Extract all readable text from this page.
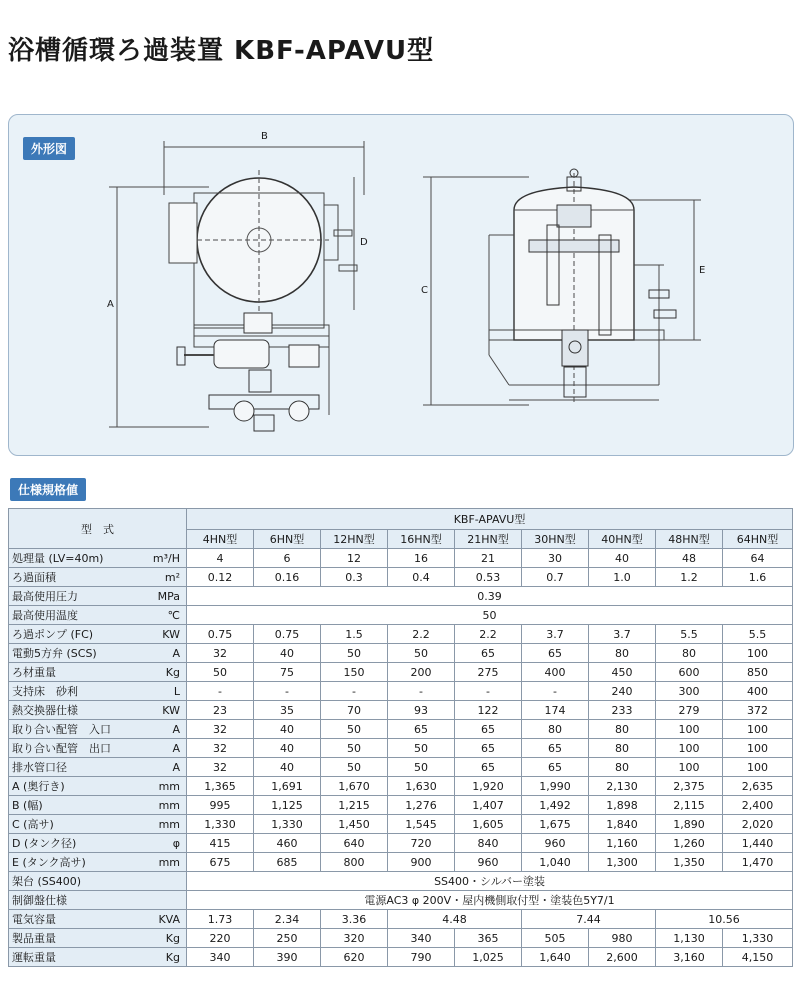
浴槽循環ろ過装置 KBF-APAVU型
外形図
B
A
D
C
E
仕様規格値
型　式		KBF-APAVU型								
		4HN型	6HN型	12HN型	16HN型	21HN型	30HN型	40HN型	48HN型	64HN型
処理量 (LV=40m)	m³/H	4	6	12	16	21	30	40	48	64
ろ過面積	m²	0.12	0.16	0.3	0.4	0.53	0.7	1.0	1.2	1.6
最高使用圧力	MPa	0.39								
最高使用温度	℃	50								
ろ過ポンプ (FC)	KW	0.75	0.75	1.5	2.2	2.2	3.7	3.7	5.5	5.5
電動5方弁 (SCS)	A	32	40	50	50	65	65	80	80	100
ろ材重量	Kg	50	75	150	200	275	400	450	600	850
支持床　砂利	L	-	-	-	-	-	-	240	300	400
熱交換器仕様	KW	23	35	70	93	122	174	233	279	372
取り合い配管　入口	A	32	40	50	65	65	80	80	100	100
取り合い配管　出口	A	32	40	50	50	65	65	80	100	100
排水管口径	A	32	40	50	50	65	65	80	100	100
A (奥行き)	mm	1,365	1,691	1,670	1,630	1,920	1,990	2,130	2,375	2,635
B (幅)	mm	995	1,125	1,215	1,276	1,407	1,492	1,898	2,115	2,400
C (高サ)	mm	1,330	1,330	1,450	1,545	1,605	1,675	1,840	1,890	2,020
D (タンク径)	φ	415	460	640	720	840	960	1,160	1,260	1,440
E (タンク高サ)	mm	675	685	800	900	960	1,040	1,300	1,350	1,470
架台 (SS400)		SS400・シルバー塗装								
制御盤仕様		電源AC3 φ 200V・屋内機側取付型・塗装色5Y7/1								
電気容量	KVA	1.73	2.34	3.36	4.48		7.44		10.56	
製品重量	Kg	220	250	320	340	365	505	980	1,130	1,330
運転重量	Kg	340	390	620	790	1,025	1,640	2,600	3,160	4,150
